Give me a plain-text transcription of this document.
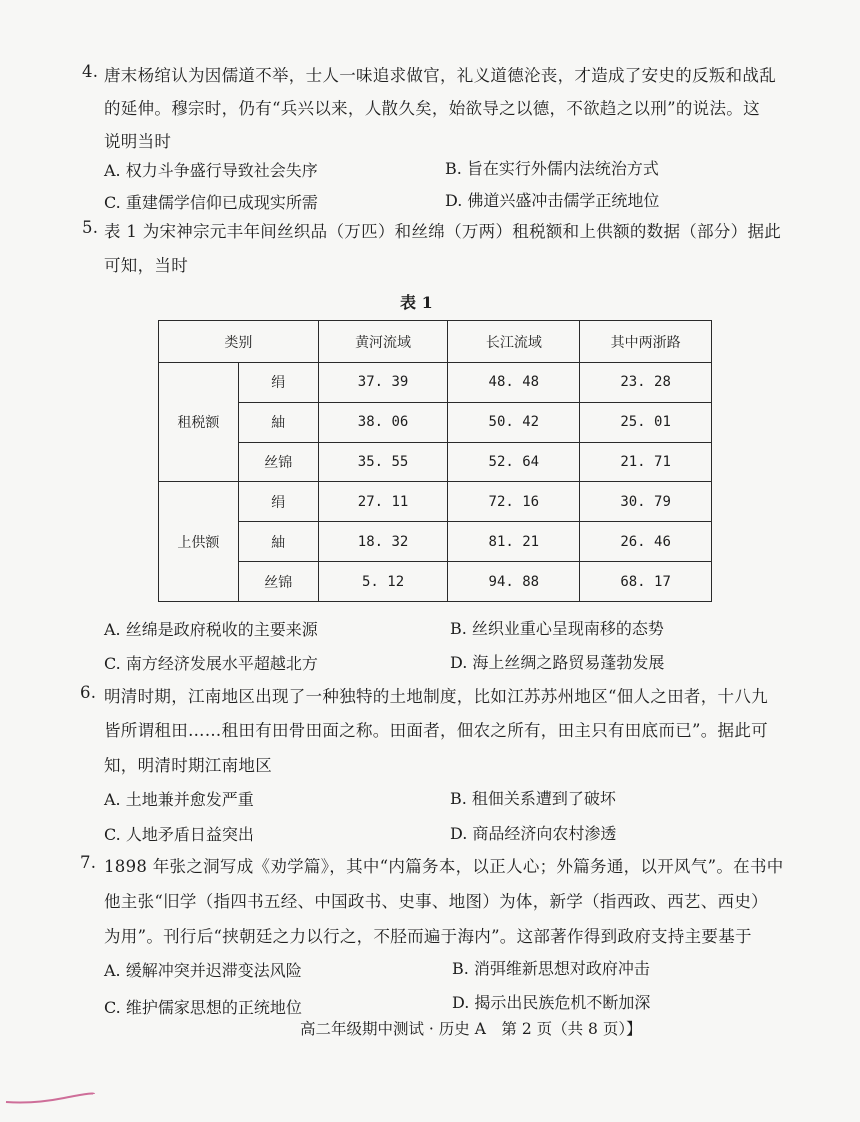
4. 唐末杨绾认为因儒道不举，士人一味追求做官，礼义道德沦丧，才造成了安史的反叛和战乱
的延伸。穆宗时，仍有“兵兴以来，人散久矣，始欲导之以德，不欲趋之以刑”的说法。这
说明当时
A. 权力斗争盛行导致社会失序	B. 旨在实行外儒内法统治方式
C. 重建儒学信仰已成现实所需	D. 佛道兴盛冲击儒学正统地位
5. 表 1 为宋神宗元丰年间丝织品（万匹）和丝绵（万两）租税额和上供额的数据（部分）据此
可知，当时
表 1
类别		黄河流域	长江流域	其中两浙路
租税额	绢	37. 39	48. 48	23. 28
	紬	38. 06	50. 42	25. 01
	丝锦	35. 55	52. 64	21. 71
上供额	绢	27. 11	72. 16	30. 79
	紬	18. 32	81. 21	26. 46
	丝锦	5. 12	94. 88	68. 17
A. 丝绵是政府税收的主要来源	B. 丝织业重心呈现南移的态势
C. 南方经济发展水平超越北方	D. 海上丝绸之路贸易蓬勃发展
6. 明清时期，江南地区出现了一种独特的土地制度，比如江苏苏州地区“佃人之田者，十八九
皆所谓租田……租田有田骨田面之称。田面者，佃农之所有，田主只有田底而已”。据此可
知，明清时期江南地区
A. 土地兼并愈发严重	B. 租佃关系遭到了破坏
C. 人地矛盾日益突出	D. 商品经济向农村渗透
7. 1898 年张之洞写成《劝学篇》，其中“内篇务本，以正人心；外篇务通，以开风气”。在书中
他主张“旧学（指四书五经、中国政书、史事、地图）为体，新学（指西政、西艺、西史）
为用”。刊行后“挟朝廷之力以行之，不胫而遍于海内”。这部著作得到政府支持主要基于
A. 缓解冲突并迟滞变法风险	B. 消弭维新思想对政府冲击
C. 维护儒家思想的正统地位	D. 揭示出民族危机不断加深
高二年级期中测试 · 历史 A　第 2 页（共 8 页）】
